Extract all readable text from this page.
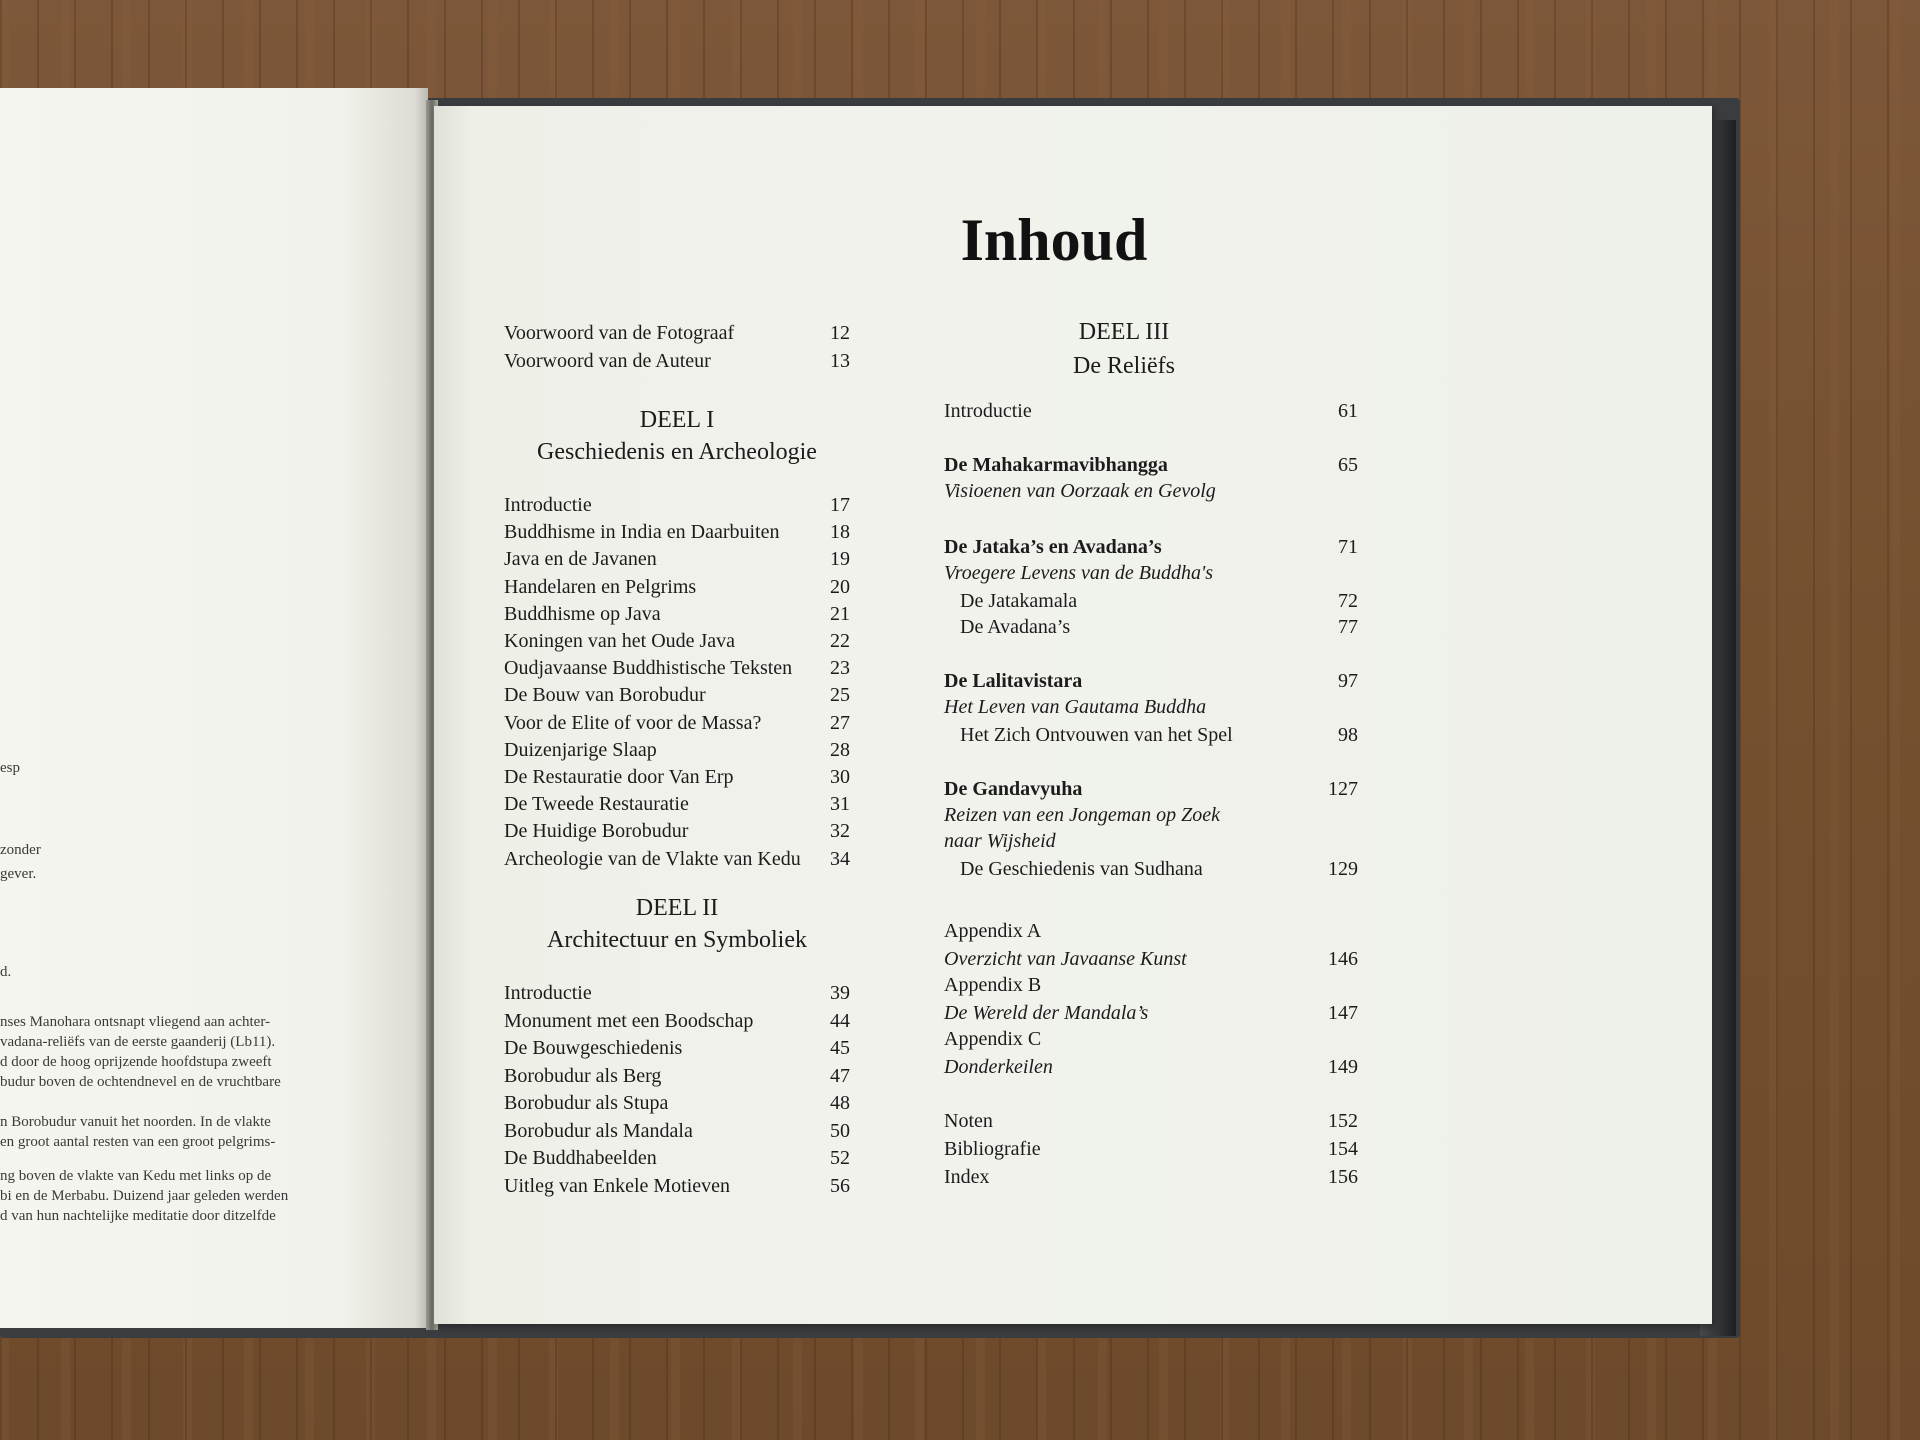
esp

zonder

gever.

d.

nses Manohara ontsnapt vliegend aan achter-

vadana-reliëfs van de eerste gaanderij (Lb11).

d door de hoog oprijzende hoofdstupa zweeft

budur boven de ochtendnevel en de vruchtbare

n Borobudur vanuit het noorden. In de vlakte

en groot aantal resten van een groot pelgrims-

ng boven de vlakte van Kedu met links op de

bi en de Merbabu. Duizend jaar geleden werden

d van hun nachtelijke meditatie door ditzelfde

Inhoud
Voorwoord van de Fotograaf	12
Voorwoord van de Auteur	13
DEEL I
Geschiedenis en Archeologie
Introductie	17
Buddhisme in India en Daarbuiten	18
Java en de Javanen	19
Handelaren en Pelgrims	20
Buddhisme op Java	21
Koningen van het Oude Java	22
Oudjavaanse Buddhistische Teksten 23
De Bouw van Borobudur	25
Voor de Elite of voor de Massa?	27
Duizenjarige Slaap	28
De Restauratie door Van Erp	30
De Tweede Restauratie	31
De Huidige Borobudur	32
Archeologie van de Vlakte van Kedu 34
DEEL II
Architectuur en Symboliek
Introductie	39
Monument met een Boodschap	44
De Bouwgeschiedenis	45
Borobudur als Berg	47
Borobudur als Stupa	48
Borobudur als Mandala	50
De Buddhabeelden	52
Uitleg van Enkele Motieven	56
DEEL III
De Reliëfs
Introductie	61
De Mahakarmavibhangga	65
Visioenen van Oorzaak en Gevolg
De Jataka’s en Avadana’s	71
Vroegere Levens van de Buddha's
De Jatakamala	72
De Avadana’s	77
De Lalitavistara	97
Het Leven van Gautama Buddha
Het Zich Ontvouwen van het Spel	98
De Gandavyuha	127
Reizen van een Jongeman op Zoek
naar Wijsheid
De Geschiedenis van Sudhana	129
Appendix A
Overzicht van Javaanse Kunst	146
Appendix B
De Wereld der Mandala’s	147
Appendix C
Donderkeilen	149
Noten	152
Bibliografie	154
Index	156
